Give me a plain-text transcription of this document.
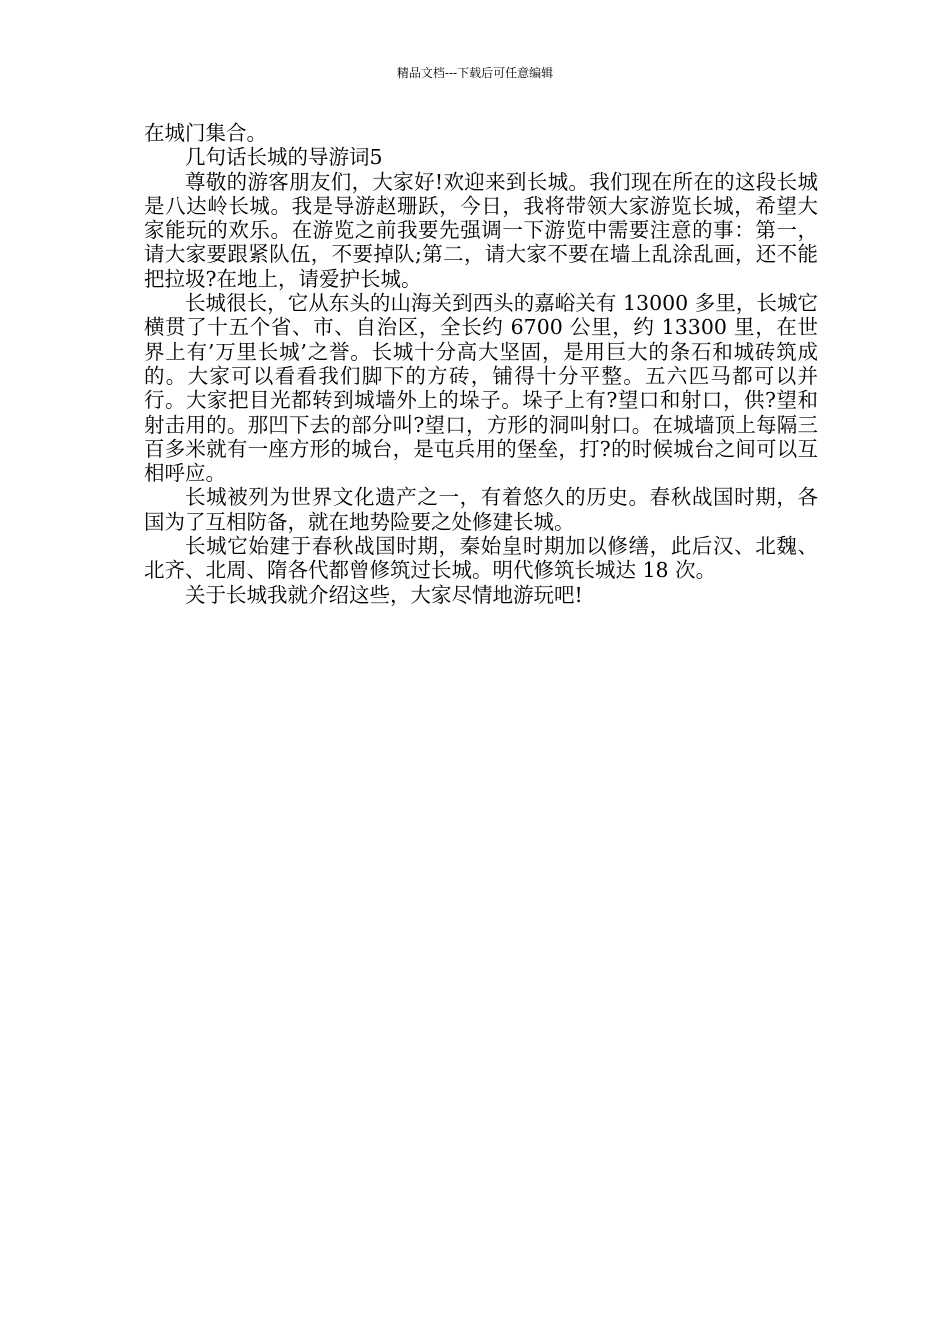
精品文档---下载后可任意编辑

在城门集合。

几句话长城的导游词5

尊敬的游客朋友们，大家好!欢迎来到长城。我们现在所在的这段长城是八达岭长城。我是导游赵珊跃，今日，我将带领大家游览长城，希望大家能玩的欢乐。在游览之前我要先强调一下游览中需要注意的事：第一，请大家要跟紧队伍，不要掉队;第二，请大家不要在墙上乱涂乱画，还不能把拉圾?在地上，请爱护长城。

长城很长，它从东头的山海关到西头的嘉峪关有 13000 多里，长城它横贯了十五个省、市、自治区，全长约 6700 公里，约 13300 里，在世界上有’万里长城’之誉。长城十分高大坚固，是用巨大的条石和城砖筑成的。大家可以看看我们脚下的方砖，铺得十分平整。五六匹马都可以并行。大家把目光都转到城墙外上的垛子。垛子上有?望口和射口，供?望和射击用的。那凹下去的部分叫?望口，方形的洞叫射口。在城墙顶上每隔三百多米就有一座方形的城台，是屯兵用的堡垒，打?的时候城台之间可以互相呼应。

长城被列为世界文化遗产之一，有着悠久的历史。春秋战国时期，各国为了互相防备，就在地势险要之处修建长城。

长城它始建于春秋战国时期，秦始皇时期加以修缮，此后汉、北魏、北齐、北周、隋各代都曾修筑过长城。明代修筑长城达 18 次。

关于长城我就介绍这些，大家尽情地游玩吧!
